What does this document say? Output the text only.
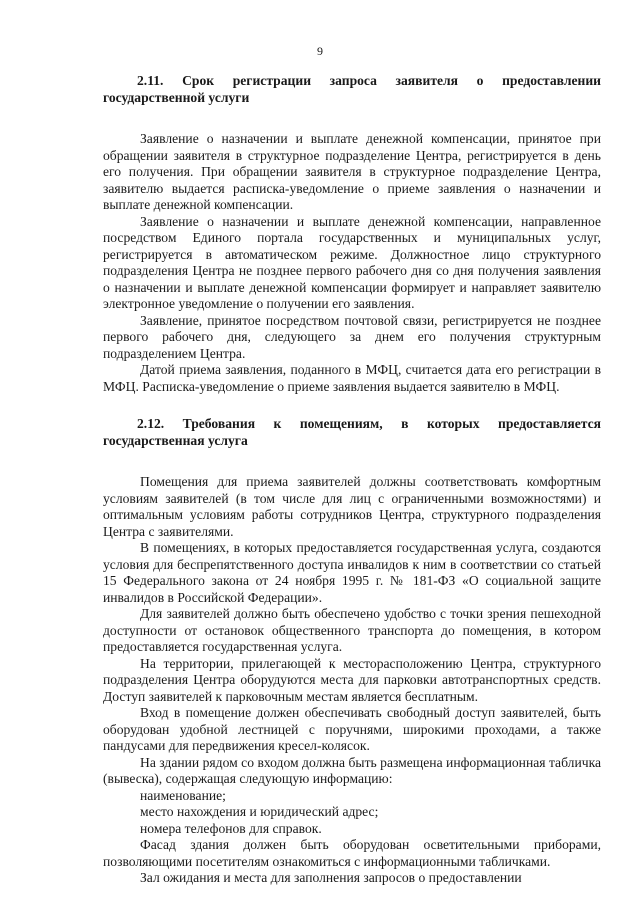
9

2.11. Срок регистрации запроса заявителя о предоставлении государственной услуги

Заявление о назначении и выплате денежной компенсации, принятое при обращении заявителя в структурное подразделение Центра, регистрируется в день его получения. При обращении заявителя в структурное подразделение Центра, заявителю выдается расписка-уведомление о приеме заявления о назначении и выплате денежной компенсации.

Заявление о назначении и выплате денежной компенсации, направленное посредством Единого портала государственных и муниципальных услуг, регистрируется в автоматическом режиме. Должностное лицо структурного подразделения Центра не позднее первого рабочего дня со дня получения заявления о назначении и выплате денежной компенсации формирует и направляет заявителю электронное уведомление о получении его заявления.

Заявление, принятое посредством почтовой связи, регистрируется не позднее первого рабочего дня, следующего за днем его получения структурным подразделением Центра.

Датой приема заявления, поданного в МФЦ, считается дата его регистрации в МФЦ. Расписка-уведомление о приеме заявления выдается заявителю в МФЦ.

2.12. Требования к помещениям, в которых предоставляется государственная услуга

Помещения для приема заявителей должны соответствовать комфортным условиям заявителей (в том числе для лиц с ограниченными возможностями) и оптимальным условиям работы сотрудников Центра, структурного подразделения Центра с заявителями.

В помещениях, в которых предоставляется государственная услуга, создаются условия для беспрепятственного доступа инвалидов к ним в соответствии со статьей 15 Федерального закона от 24 ноября 1995 г. № 181-ФЗ «О социальной защите инвалидов в Российской Федерации».

Для заявителей должно быть обеспечено удобство с точки зрения пешеходной доступности от остановок общественного транспорта до помещения, в котором предоставляется государственная услуга.

На территории, прилегающей к месторасположению Центра, структурного подразделения Центра оборудуются места для парковки автотранспортных средств. Доступ заявителей к парковочным местам является бесплатным.

Вход в помещение должен обеспечивать свободный доступ заявителей, быть оборудован удобной лестницей с поручнями, широкими проходами, а также пандусами для передвижения кресел-колясок.

На здании рядом со входом должна быть размещена информационная табличка (вывеска), содержащая следующую информацию:

наименование;

место нахождения и юридический адрес;

номера телефонов для справок.

Фасад здания должен быть оборудован осветительными приборами, позволяющими посетителям ознакомиться с информационными табличками.

Зал ожидания и места для заполнения запросов о предоставлении
